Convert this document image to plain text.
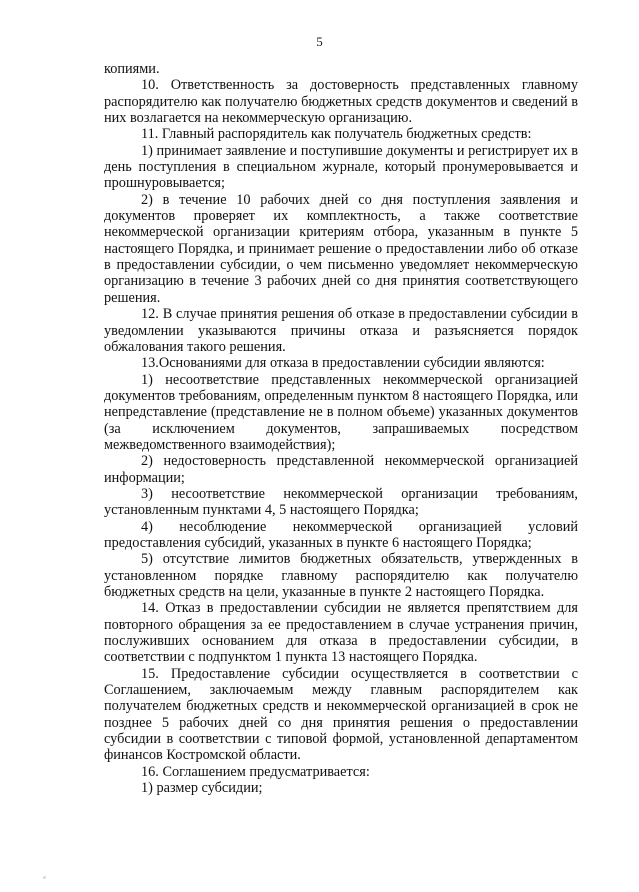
5

копиями.

10. Ответственность за достоверность представленных главному распорядителю как получателю бюджетных средств документов и сведений в них возлагается на некоммерческую организацию.

11. Главный распорядитель как получатель бюджетных средств:

1) принимает заявление и поступившие документы и регистрирует их в день поступления в специальном журнале, который пронумеровывается и прошнуровывается;

2) в течение 10 рабочих дней со дня поступления заявления и документов проверяет их комплектность, а также соответствие некоммерческой организации критериям отбора, указанным в пункте 5 настоящего Порядка, и принимает решение о предоставлении либо об отказе в предоставлении субсидии, о чем письменно уведомляет некоммерческую организацию в течение 3 рабочих дней со дня принятия соответствующего решения.

12. В случае принятия решения об отказе в предоставлении субсидии в уведомлении указываются причины отказа и разъясняется порядок обжалования такого решения.

13.Основаниями для отказа в предоставлении субсидии являются:

1) несоответствие представленных некоммерческой организацией документов требованиям, определенным пунктом 8 настоящего Порядка, или непредставление (представление не в полном объеме) указанных документов (за исключением документов, запрашиваемых посредством межведомственного взаимодействия);

2) недостоверность представленной некоммерческой организацией информации;

3) несоответствие некоммерческой организации требованиям, установленным пунктами 4, 5 настоящего Порядка;

4) несоблюдение некоммерческой организацией условий предоставления субсидий, указанных в пункте 6 настоящего Порядка;

5) отсутствие лимитов бюджетных обязательств, утвержденных в установленном порядке главному распорядителю как получателю бюджетных средств на цели, указанные в пункте 2 настоящего Порядка.

14. Отказ в предоставлении субсидии не является препятствием для повторного обращения за ее предоставлением в случае устранения причин, послуживших основанием для отказа в предоставлении субсидии, в соответствии с подпунктом 1 пункта 13 настоящего Порядка.

15. Предоставление субсидии осуществляется в соответствии с Соглашением, заключаемым между главным распорядителем как получателем бюджетных средств и некоммерческой организацией в срок не позднее 5 рабочих дней со дня принятия решения о предоставлении субсидии в соответствии с типовой формой, установленной департаментом финансов Костромской области.

16. Соглашением предусматривается:

1) размер субсидии;
